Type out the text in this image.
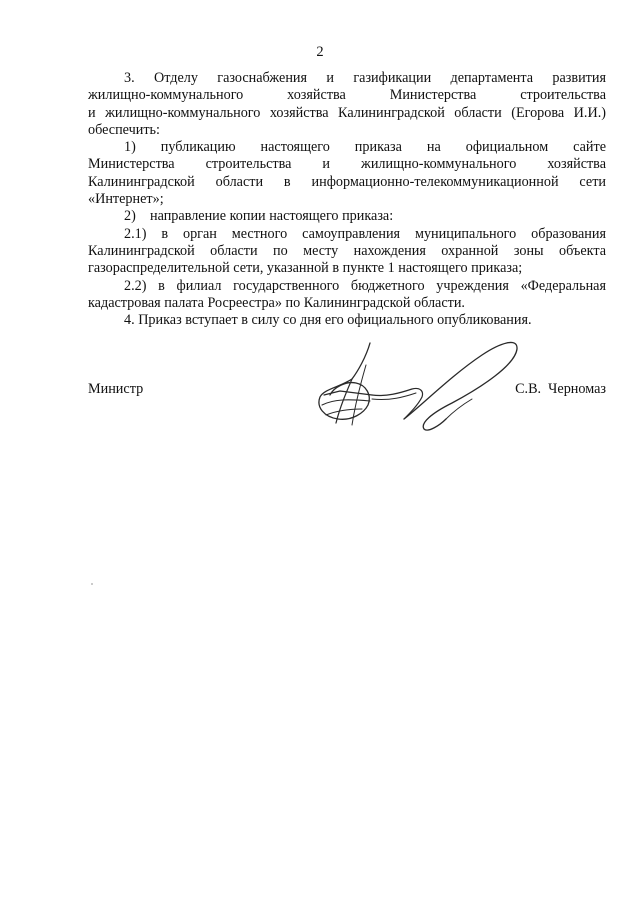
2
3. Отделу газоснабжения и газификации департамента развития
жилищно-коммунального хозяйства Министерства строительства
и жилищно-коммунального хозяйства Калининградской области (Егорова И.И.)
обеспечить:
1) публикацию настоящего приказа на официальном сайте
Министерства строительства и жилищно-коммунального хозяйства
Калининградской области в информационно-телекоммуникационной сети
«Интернет»;
2)    направление копии настоящего приказа:
2.1) в орган местного самоуправления муниципального образования
Калининградской области по месту нахождения охранной зоны объекта
газораспределительной сети, указанной в пункте 1 настоящего приказа;
2.2) в филиал государственного бюджетного учреждения «Федеральная
кадастровая палата Росреестра» по Калининградской области.
4. Приказ вступает в силу со дня его официального опубликования.
Министр	С.В.  Черномаз
